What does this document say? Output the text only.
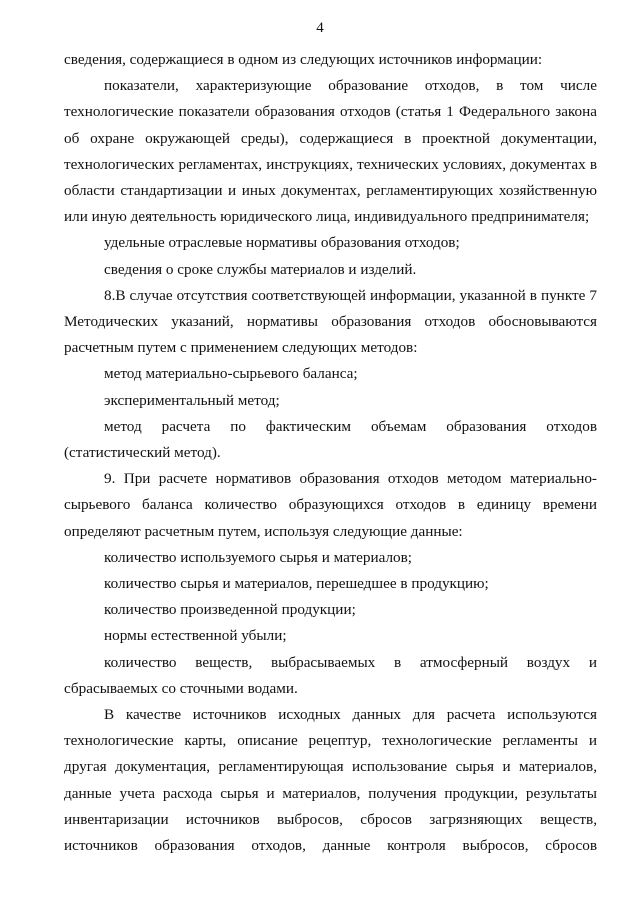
4

сведения, содержащиеся в одном из следующих источников информации:

показатели, характеризующие образование отходов, в том числе технологические показатели образования отходов (статья 1 Федерального закона об охране окружающей среды), содержащиеся в проектной документации, технологических регламентах, инструкциях, технических условиях, документах в области стандартизации и иных документах, регламентирующих хозяйственную или иную деятельность юридического лица, индивидуального предпринимателя;

удельные отраслевые нормативы образования отходов;

сведения о сроке службы материалов и изделий.

8.В случае отсутствия соответствующей информации, указанной в пункте 7 Методических указаний, нормативы образования отходов обосновываются расчетным путем с применением следующих методов:

метод материально-сырьевого баланса;

экспериментальный метод;

метод расчета по фактическим объемам образования отходов (статистический метод).

9. При расчете нормативов образования отходов методом материально-сырьевого баланса количество образующихся отходов в единицу времени определяют расчетным путем, используя следующие данные:

количество используемого сырья и материалов;

количество сырья и материалов, перешедшее в продукцию;

количество произведенной продукции;

нормы естественной убыли;

количество веществ, выбрасываемых в атмосферный воздух и сбрасываемых со сточными водами.

В качестве источников исходных данных для расчета используются технологические карты, описание рецептур, технологические регламенты и другая документация, регламентирующая использование сырья и материалов, данные учета расхода сырья и материалов, получения продукции, результаты инвентаризации источников выбросов, сбросов загрязняющих веществ, источников образования отходов, данные контроля выбросов, сбросов
